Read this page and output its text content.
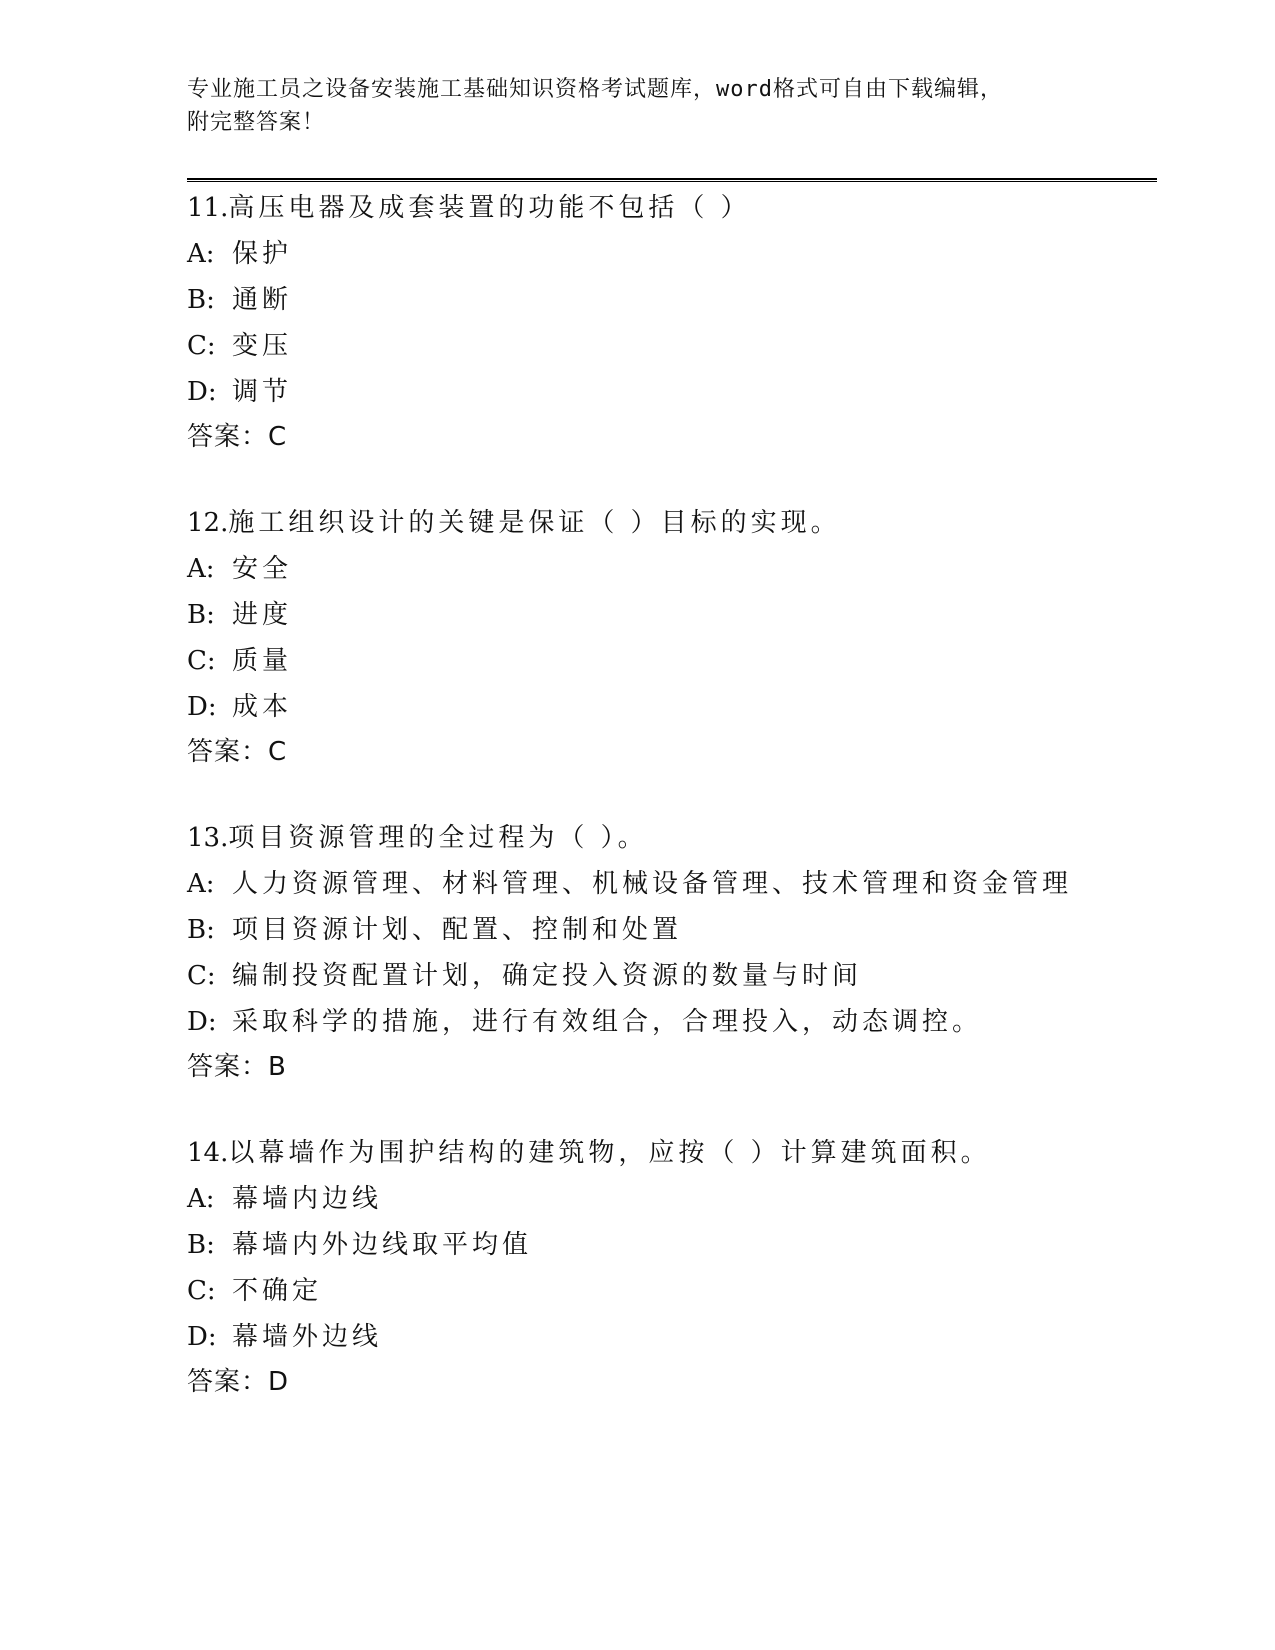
专业施工员之设备安装施工基础知识资格考试题库，word格式可自由下载编辑，
附完整答案！
11.高压电器及成套装置的功能不包括（ ）
A: 保护
B: 通断
C: 变压
D: 调节
答案：C
12.施工组织设计的关键是保证（ ）目标的实现。
A: 安全
B: 进度
C: 质量
D: 成本
答案：C
13.项目资源管理的全过程为（ ）。
A: 人力资源管理、材料管理、机械设备管理、技术管理和资金管理
B: 项目资源计划、配置、控制和处置
C: 编制投资配置计划，确定投入资源的数量与时间
D: 采取科学的措施，进行有效组合，合理投入，动态调控。
答案：B
14.以幕墙作为围护结构的建筑物，应按（ ）计算建筑面积。
A: 幕墙内边线
B: 幕墙内外边线取平均值
C: 不确定
D: 幕墙外边线
答案：D
